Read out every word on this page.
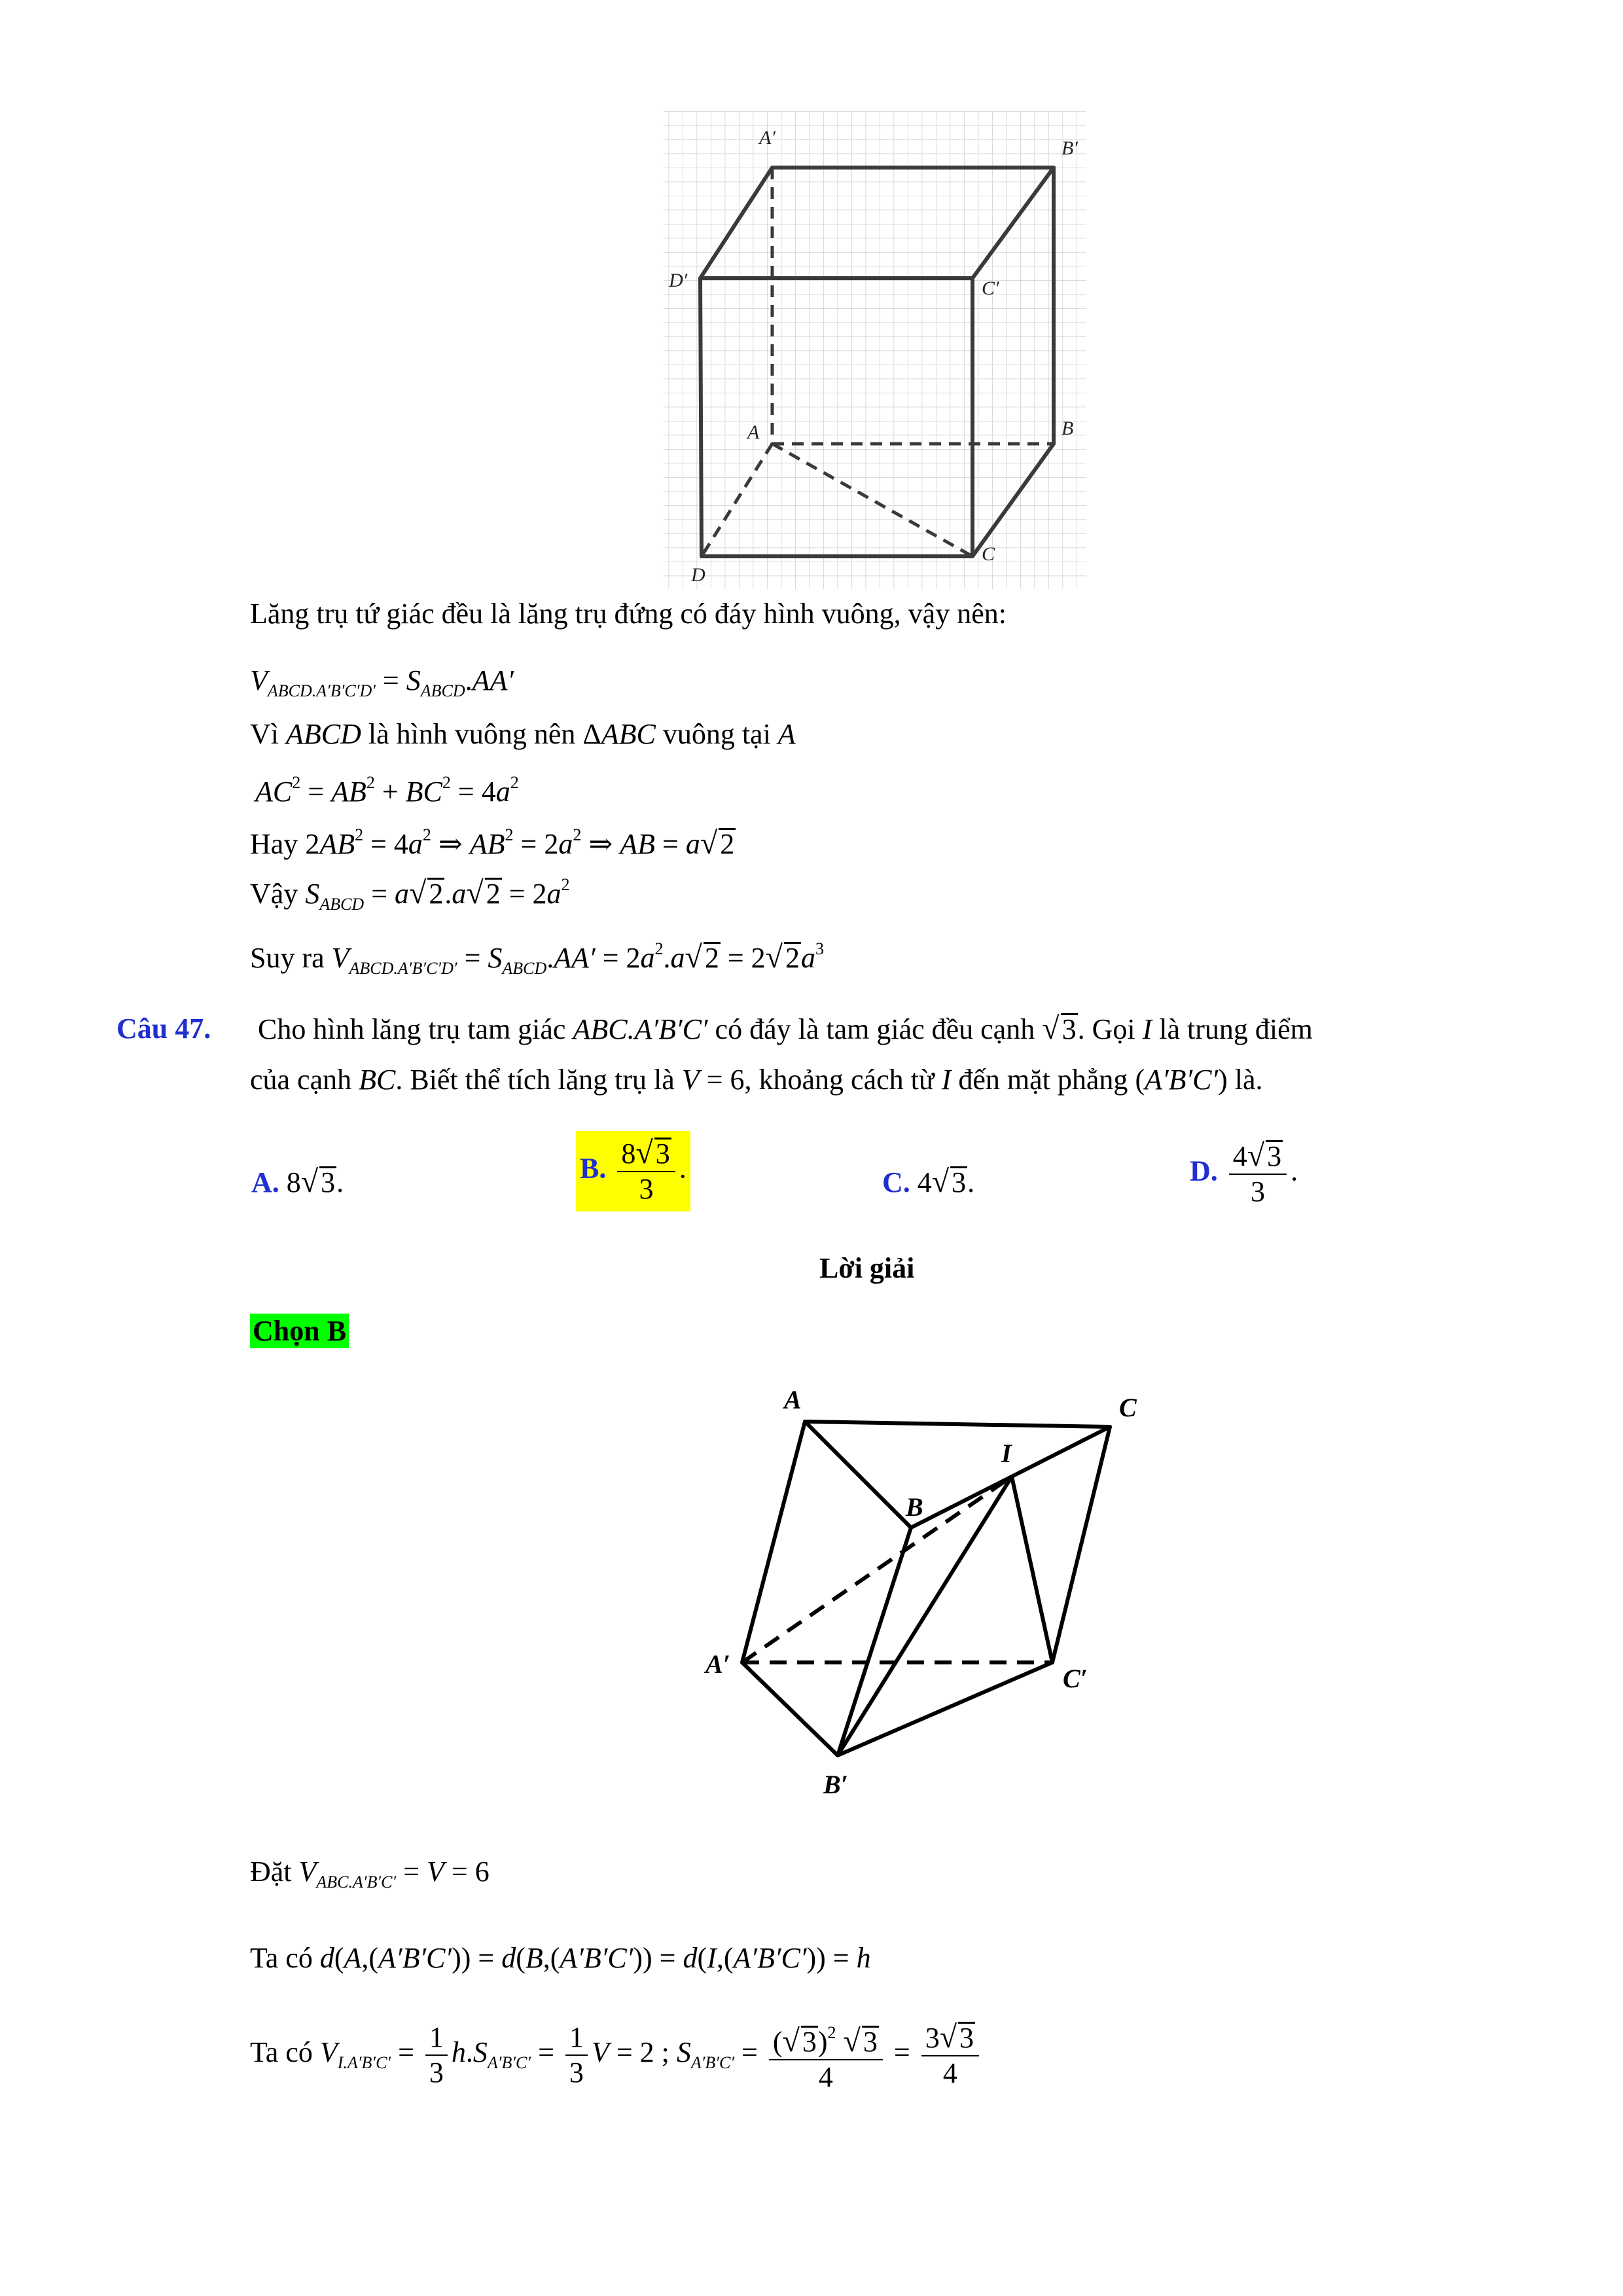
A′	B′
D′	C′
A	B
D
C
Lăng trụ tứ giác đều là lăng trụ đứng có đáy hình vuông, vậy nên:
$V_{ABCD.A'B'C'D'} = S_{ABCD}.AA'$
Vì ABCD là hình vuông nên ΔABC vuông tại A
$AC^2 = AB^2 + BC^2 = 4a^2$
Hay $2AB^2 = 4a^2$ ⇒ $AB^2 = 2a^2$ ⇒ AB = a√2
Vậy $S_{ABCD} = a√2.a√2 = 2a^2$
Suy ra $V_{ABCD.A'B'C'D'} = S_{ABCD}.AA' = 2a^2.a√2 = 2√2a^3$
Câu 47. Cho hình lăng trụ tam giác ABC.A′B′C′ có đáy là tam giác đều cạnh √3. Gọi I là trung điểm
của cạnh BC. Biết thể tích lăng trụ là V = 6, khoảng cách từ I đến mặt phẳng (A′B′C′) là.
A. 8√3.	B. $\frac{8√3}{3}$ .	C. 4√3.	D. $\frac{4√3}{3}$ .
Lời giải
Chọn B
A	C
I
B
A′	C′
B′
Đặt $V_{ABC.A'B'C'} = V = 6$
Ta có d(A,(A′B′C′)) = d(B,(A′B′C′)) = d(I,(A′B′C′)) = h
Ta có $V_{I.A'B'C'} = \frac{1}{3} h.S_{A'B'C'} = \frac{1}{3}$ V = 2 ; $S_{A'B'C'} = \frac{(√3)^2 √3}{4} = \frac{3√3}{4}$
